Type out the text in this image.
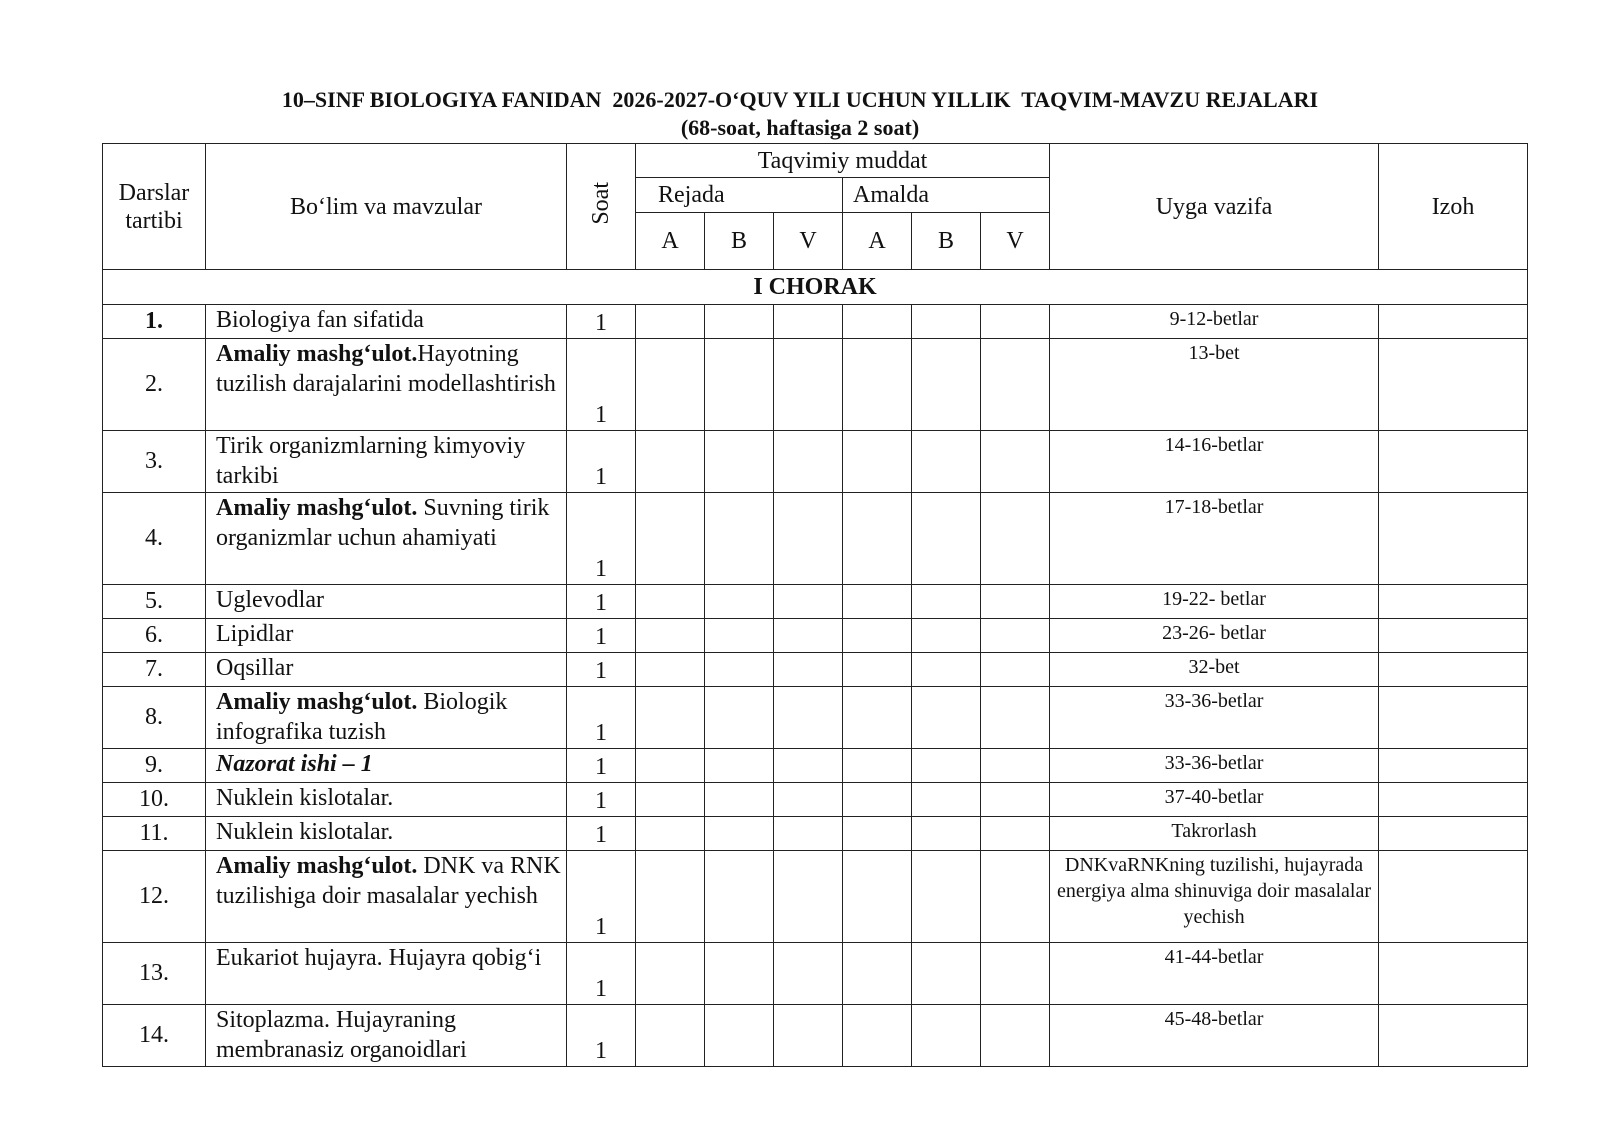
10–SINF BIOLOGIYA FANIDAN  2026-2027-O‘QUV YILI UCHUN YILLIK  TAQVIM-MAVZU REJALARI
(68-soat, haftasiga 2 soat)
Darslar tartibi	Bo‘lim va mavzular	Soat	Taqvimiy muddat						Uyga vazifa	Izoh
			Rejada			Amalda				
			A	B	V	A	B	V		
I CHORAK										
1.	Biologiya fan sifatida	1							9-12-betlar	
2.	Amaliy mashg‘ulot.Hayotning tuzilish darajalarini modellashtirish	1							13-bet	
3.	Tirik organizmlarning kimyoviy tarkibi	1							14-16-betlar	
4.	Amaliy mashg‘ulot. Suvning tirik organizmlar uchun ahamiyati	1							17-18-betlar	
5.	Uglevodlar	1							19-22- betlar	
6.	Lipidlar	1							23-26- betlar	
7.	Oqsillar	1							32-bet	
8.	Amaliy mashg‘ulot. Biologik infografika tuzish	1							33-36-betlar	
9.	Nazorat ishi – 1	1							33-36-betlar	
10.	Nuklein kislotalar.	1							37-40-betlar	
11.	Nuklein kislotalar.	1							Takrorlash	
12.	Amaliy mashg‘ulot. DNK va RNK tuzilishiga doir masalalar yechish	1							DNKvaRNKning tuzilishi, hujayrada energiya alma shinuviga doir masalalar yechish	
13.	Eukariot hujayra. Hujayra qobig‘i	1							41-44-betlar	
14.	Sitoplazma. Hujayraning membranasiz organoidlari	1							45-48-betlar	
